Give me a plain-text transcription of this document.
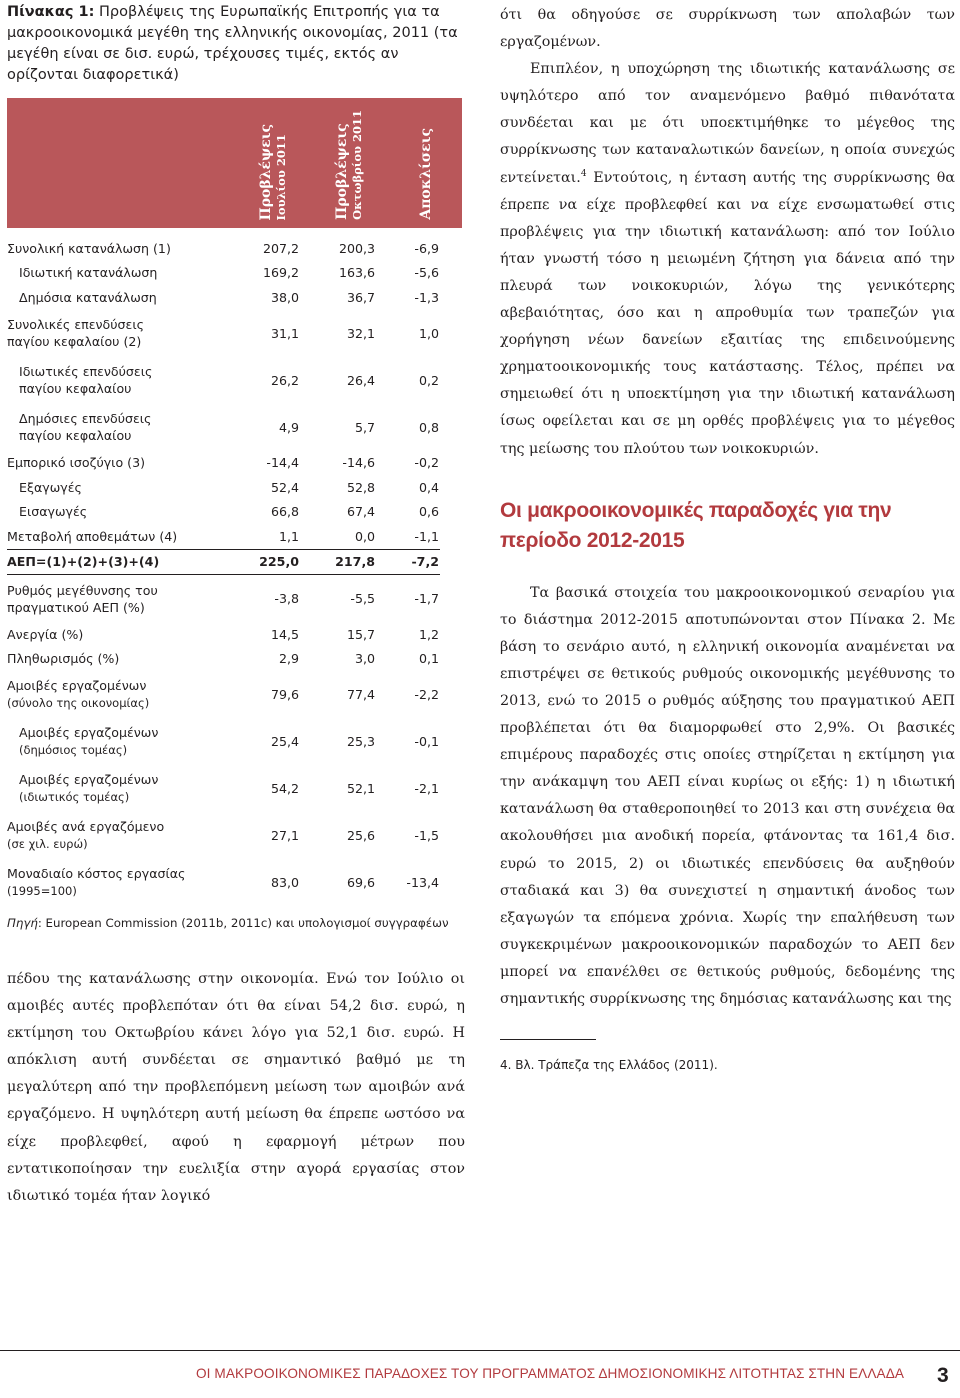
Πίνακας 1: Προβλέψεις της Ευρωπαϊκής Επιτροπής για τα μακροοικονομικά μεγέθη της ελληνικής οικονομίας, 2011 (τα μεγέθη είναι σε δισ. ευρώ, τρέχουσες τιμές, εκτός αν ορίζονται διαφορετικά)

Προβλέψεις Ιουλίου 2011	Προβλέψεις Οκτωβρίου 2011	Αποκλίσεις
Συνολική κατανάλωση (1)	207,2	200,3	-6,9
Ιδιωτική κατανάλωση	169,2	163,6	-5,6
Δημόσια κατανάλωση	38,0	36,7	-1,3
Συνολικές επενδύσεις
παγίου κεφαλαίου (2)
31,1	32,1	1,0
Ιδιωτικές επενδύσεις
παγίου κεφαλαίου
26,2	26,4	0,2
Δημόσιες επενδύσεις
παγίου κεφαλαίου
4,9	5,7	0,8
Εμπορικό ισοζύγιο (3)	-14,4	-14,6	-0,2
Εξαγωγές	52,4	52,8	0,4
Εισαγωγές	66,8	67,4	0,6
Μεταβολή αποθεμάτων (4)	1,1	0,0	-1,1
ΑΕΠ=(1)+(2)+(3)+(4)	225,0	217,8	-7,2
Ρυθμός μεγέθυνσης του
πραγματικού ΑΕΠ (%)
-3,8	-5,5	-1,7
Ανεργία (%)	14,5	15,7	1,2
Πληθωρισμός (%)	2,9	3,0	0,1
Αμοιβές εργαζομένων
(σύνολο της οικονομίας)
79,6	77,4	-2,2
Αμοιβές εργαζομένων
(δημόσιος τομέας)
25,4	25,3	-0,1
Αμοιβές εργαζομένων
(ιδιωτικός τομέας)
54,2	52,1	-2,1
Αμοιβές ανά εργαζόμενο
(σε χιλ. ευρώ)
27,1	25,6	-1,5
Μοναδιαίο κόστος εργασίας
(1995=100)
83,0	69,6	-13,4
Πηγή: European Commission (2011b, 2011c) και υπολογισμοί συγγραφέων

πέδου της κατανάλωσης στην οικονομία. Ενώ τον Ιούλιο οι αμοιβές αυτές προβλεπόταν ότι θα είναι 54,2 δισ. ευρώ, η εκτίμηση του Οκτωβρίου κάνει λόγο για 52,1 δισ. ευρώ. Η απόκλιση αυτή συνδέεται σε σημαντικό βαθμό με τη μεγαλύτερη από την προβλεπόμενη μείωση των αμοιβών ανά εργαζόμενο. Η υψηλότερη αυτή μείωση θα έπρεπε ωστόσο να είχε προβλεφθεί, αφού η εφαρμογή μέτρων που εντατικοποίησαν την ευελιξία στην αγορά εργασίας στον ιδιωτικό τομέα ήταν λογικό

ότι θα οδηγούσε σε συρρίκνωση των απολαβών των εργαζομένων.

Επιπλέον, η υποχώρηση της ιδιωτικής κατανάλωσης σε υψηλότερο από τον αναμενόμενο βαθμό πιθανότατα συνδέεται και με ότι υποεκτιμήθηκε το μέγεθος της συρρίκνωσης των καταναλωτικών δανείων, η οποία συνεχώς εντείνεται.$^4$ Εντούτοις, η ένταση αυτής της συρρίκνωσης θα έπρεπε να είχε προβλεφθεί και να είχε ενσωματωθεί στις προβλέψεις για την ιδιωτική κατανάλωση: από τον Ιούλιο ήταν γνωστή τόσο η μειωμένη ζήτηση για δάνεια από την πλευρά των νοικοκυριών, λόγω της γενικότερης αβεβαιότητας, όσο και η απροθυμία των τραπεζών για χορήγηση νέων δανείων εξαιτίας της επιδεινούμενης χρηματοοικονομικής τους κατάστασης. Τέλος, πρέπει να σημειωθεί ότι η υποεκτίμηση για την ιδιωτική κατανάλωση ίσως οφείλεται και σε μη ορθές προβλέψεις για το μέγεθος της μείωσης του πλούτου των νοικοκυριών.

Οι μακροοικονομικές παραδοχές για την περίοδο 2012-2015

Τα βασικά στοιχεία του μακροοικονομικού σεναρίου για το διάστημα 2012-2015 αποτυπώνονται στον Πίνακα 2. Με βάση το σενάριο αυτό, η ελληνική οικονομία αναμένεται να επιστρέψει σε θετικούς ρυθμούς οικονομικής μεγέθυνσης το 2013, ενώ το 2015 ο ρυθμός αύξησης του πραγματικού ΑΕΠ προβλέπεται ότι θα διαμορφωθεί στο 2,9%. Οι βασικές επιμέρους παραδοχές στις οποίες στηρίζεται η εκτίμηση για την ανάκαμψη του ΑΕΠ είναι κυρίως οι εξής: 1) η ιδιωτική κατανάλωση θα σταθεροποιηθεί το 2013 και στη συνέχεια θα ακολουθήσει μια ανοδική πορεία, φτάνοντας τα 161,4 δισ. ευρώ το 2015, 2) οι ιδιωτικές επενδύσεις θα αυξηθούν σταδιακά και 3) θα συνεχιστεί η σημαντική άνοδος των εξαγωγών τα επόμενα χρόνια. Χωρίς την επαλήθευση των συγκεκριμένων μακροοικονομικών παραδοχών το ΑΕΠ δεν μπορεί να επανέλθει σε θετικούς ρυθμούς, δεδομένης της σημαντικής συρρίκνωσης της δημόσιας κατανάλωσης και της

4. Βλ. Τράπεζα της Ελλάδος (2011).
ΟΙ ΜΑΚΡΟΟΙΚΟΝΟΜΙΚΕΣ ΠΑΡΑΔΟΧΕΣ ΤΟΥ ΠΡΟΓΡΑΜΜΑΤΟΣ ΔΗΜΟΣΙΟΝΟΜΙΚΗΣ ΛΙΤΟΤΗΤΑΣ ΣΤΗΝ ΕΛΛΑΔΑ 3
